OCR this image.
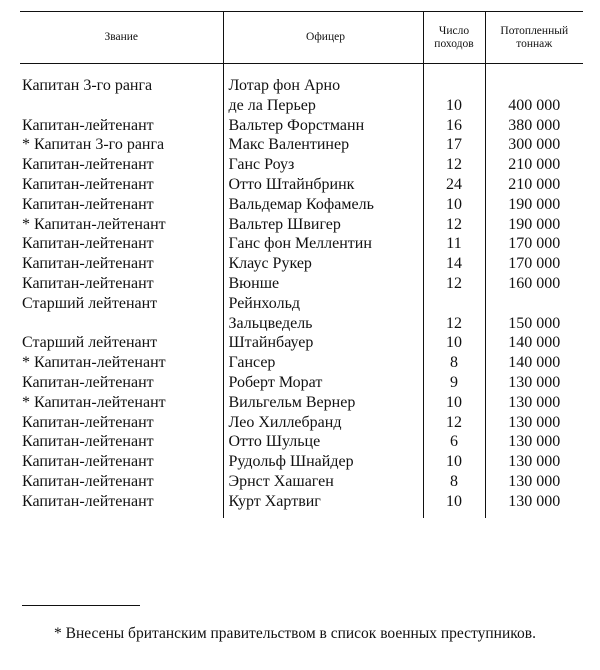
Звание	Офицер	Число походов	Потопленный тоннаж

Капитан 3-го ранга	Лотар фон Арно		
	де ла Перьер	10	400 000
Капитан-лейтенант	Вальтер Форстманн	16	380 000
* Капитан 3-го ранга	Макс Валентинер	17	300 000
Капитан-лейтенант	Ганс Роуз	12	210 000
Капитан-лейтенант	Отто Штайнбринк	24	210 000
Капитан-лейтенант	Вальдемар Кофамель	10	190 000
* Капитан-лейтенант	Вальтер Швигер	12	190 000
Капитан-лейтенант	Ганс фон Меллентин	11	170 000
Капитан-лейтенант	Клаус Рукер	14	170 000
Капитан-лейтенант	Вюнше	12	160 000
Старший лейтенант	Рейнхольд		
	Зальцведель	12	150 000
Старший лейтенант	Штайнбауер	10	140 000
* Капитан-лейтенант	Гансер	8	140 000
Капитан-лейтенант	Роберт Морат	9	130 000
* Капитан-лейтенант	Вильгельм Вернер	10	130 000
Капитан-лейтенант	Лео Хиллебранд	12	130 000
Капитан-лейтенант	Отто Шульце	6	130 000
Капитан-лейтенант	Рудольф Шнайдер	10	130 000
Капитан-лейтенант	Эрнст Хашаген	8	130 000
Капитан-лейтенант	Курт Хартвиг	10	130 000
* Внесены британским правительством в список военных преступников.
